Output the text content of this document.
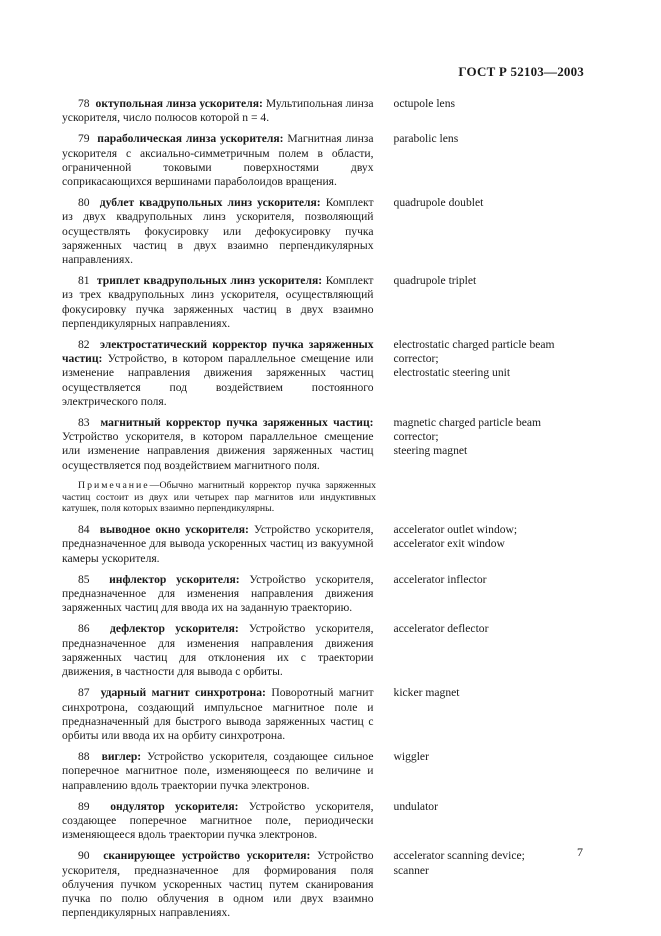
ГОСТ Р 52103—2003
78 октупольная линза ускорителя: Мультипольная линза ускорителя, число полюсов которой n = 4.
octupole lens
79 параболическая линза ускорителя: Магнитная линза ускорителя с аксиально-симметричным полем в области, ограниченной токовыми поверхностями двух соприкасающихся вершинами параболоидов вращения.
parabolic lens
80 дублет квадрупольных линз ускорителя: Комплект из двух квадрупольных линз ускорителя, позволяющий осуществлять фокусировку или дефокусировку пучка заряженных частиц в двух взаимно перпендикулярных направлениях.
quadrupole doublet
81 триплет квадрупольных линз ускорителя: Комплект из трех квадрупольных линз ускорителя, осуществляющий фокусировку пучка заряженных частиц в двух взаимно перпендикулярных направлениях.
quadrupole triplet
82 электростатический корректор пучка заряженных частиц: Устройство, в котором параллельное смещение или изменение направления движения заряженных частиц осуществляется под воздействием постоянного электрического поля.
electrostatic charged particle beam
corrector;
electrostatic steering unit
83 магнитный корректор пучка заряженных частиц: Устройство ускорителя, в котором параллельное смещение или изменение направления движения заряженных частиц осуществляется под воздействием магнитного поля.
magnetic charged particle beam
corrector;
steering magnet
Примечание—Обычно магнитный корректор пучка заряженных частиц состоит из двух или четырех пар магнитов или индуктивных катушек, поля которых взаимно перпендикулярны.
84 выводное окно ускорителя: Устройство ускорителя, предназначенное для вывода ускоренных частиц из вакуумной камеры ускорителя.
accelerator outlet window;
accelerator exit window
85 инфлектор ускорителя: Устройство ускорителя, предназначенное для изменения направления движения заряженных частиц для ввода их на заданную траекторию.
accelerator inflector
86 дефлектор ускорителя: Устройство ускорителя, предназначенное для изменения направления движения заряженных частиц для отклонения их с траектории движения, в частности для вывода с орбиты.
accelerator deflector
87 ударный магнит синхротрона: Поворотный магнит синхротрона, создающий импульсное магнитное поле и предназначенный для быстрого вывода заряженных частиц с орбиты или ввода их на орбиту синхротрона.
kicker magnet
88 виглер: Устройство ускорителя, создающее сильное поперечное магнитное поле, изменяющееся по величине и направлению вдоль траектории пучка электронов.
wiggler
89 ондулятор ускорителя: Устройство ускорителя, создающее поперечное магнитное поле, периодически изменяющееся вдоль траектории пучка электронов.
undulator
90 сканирующее устройство ускорителя: Устройство ускорителя, предназначенное для формирования поля облучения пучком ускоренных частиц путем сканирования пучка по полю облучения в одном или двух взаимно перпендикулярных направлениях.
accelerator scanning device;
scanner
7
